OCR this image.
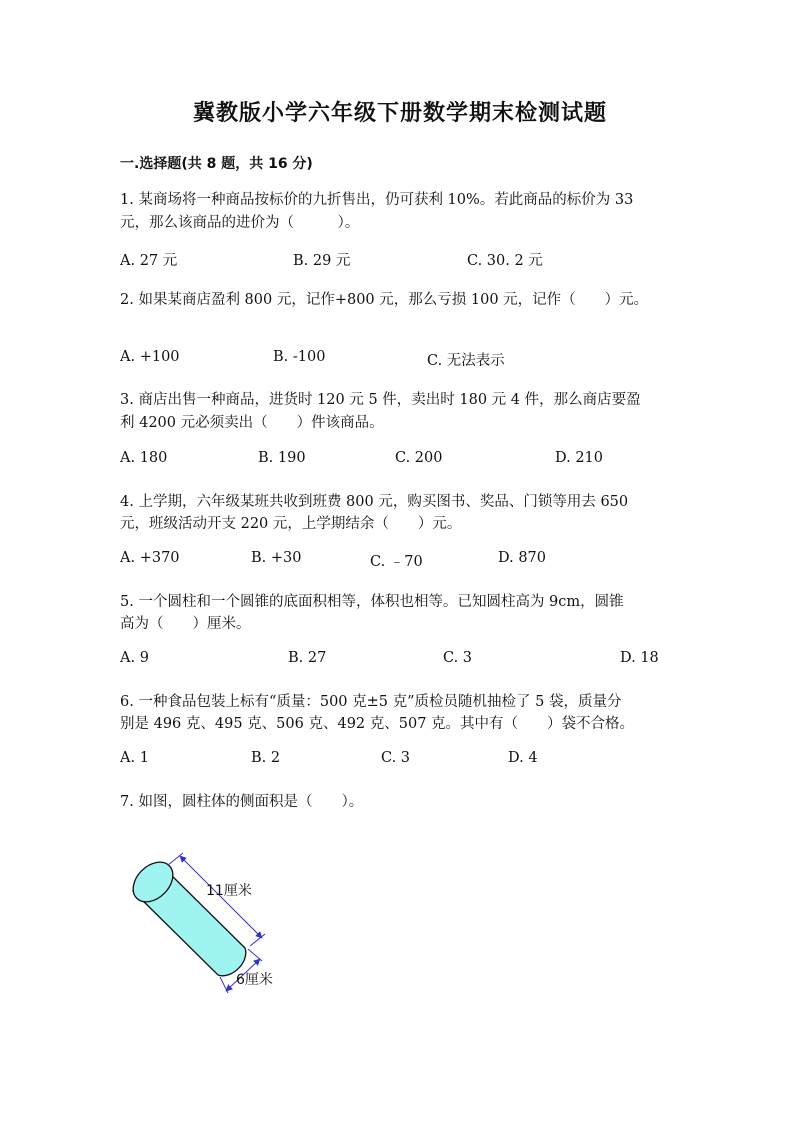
冀教版小学六年级下册数学期末检测试题
一.选择题(共 8 题，共 16 分)
1. 某商场将一种商品按标价的九折售出，仍可获利 10%。若此商品的标价为 33
元，那么该商品的进价为（　　　）。
A. 27 元	B. 29 元	C. 30. 2 元
2. 如果某商店盈利 800 元，记作+800 元，那么亏损 100 元，记作（　　）元。
A. +100	B. -100	C. 无法表示
3. 商店出售一种商品，进货时 120 元 5 件，卖出时 180 元 4 件，那么商店要盈
利 4200 元必须卖出（　　）件该商品。
A. 180	B. 190	C. 200	D. 210
4. 上学期，六年级某班共收到班费 800 元，购买图书、奖品、门锁等用去 650
元，班级活动开支 220 元，上学期结余（　　）元。
A. +370	B. +30	C. ﹣70	D. 870
5. 一个圆柱和一个圆锥的底面积相等，体积也相等。已知圆柱高为 9cm，圆锥
高为（　　）厘米。
A. 9	B. 27	C. 3	D. 18
6. 一种食品包装上标有“质量：500 克±5 克”质检员随机抽检了 5 袋，质量分
别是 496 克、495 克、506 克、492 克、507 克。其中有（　　）袋不合格。
A. 1	B. 2	C. 3	D. 4
7. 如图，圆柱体的侧面积是（　　）。
11厘米
6厘米
